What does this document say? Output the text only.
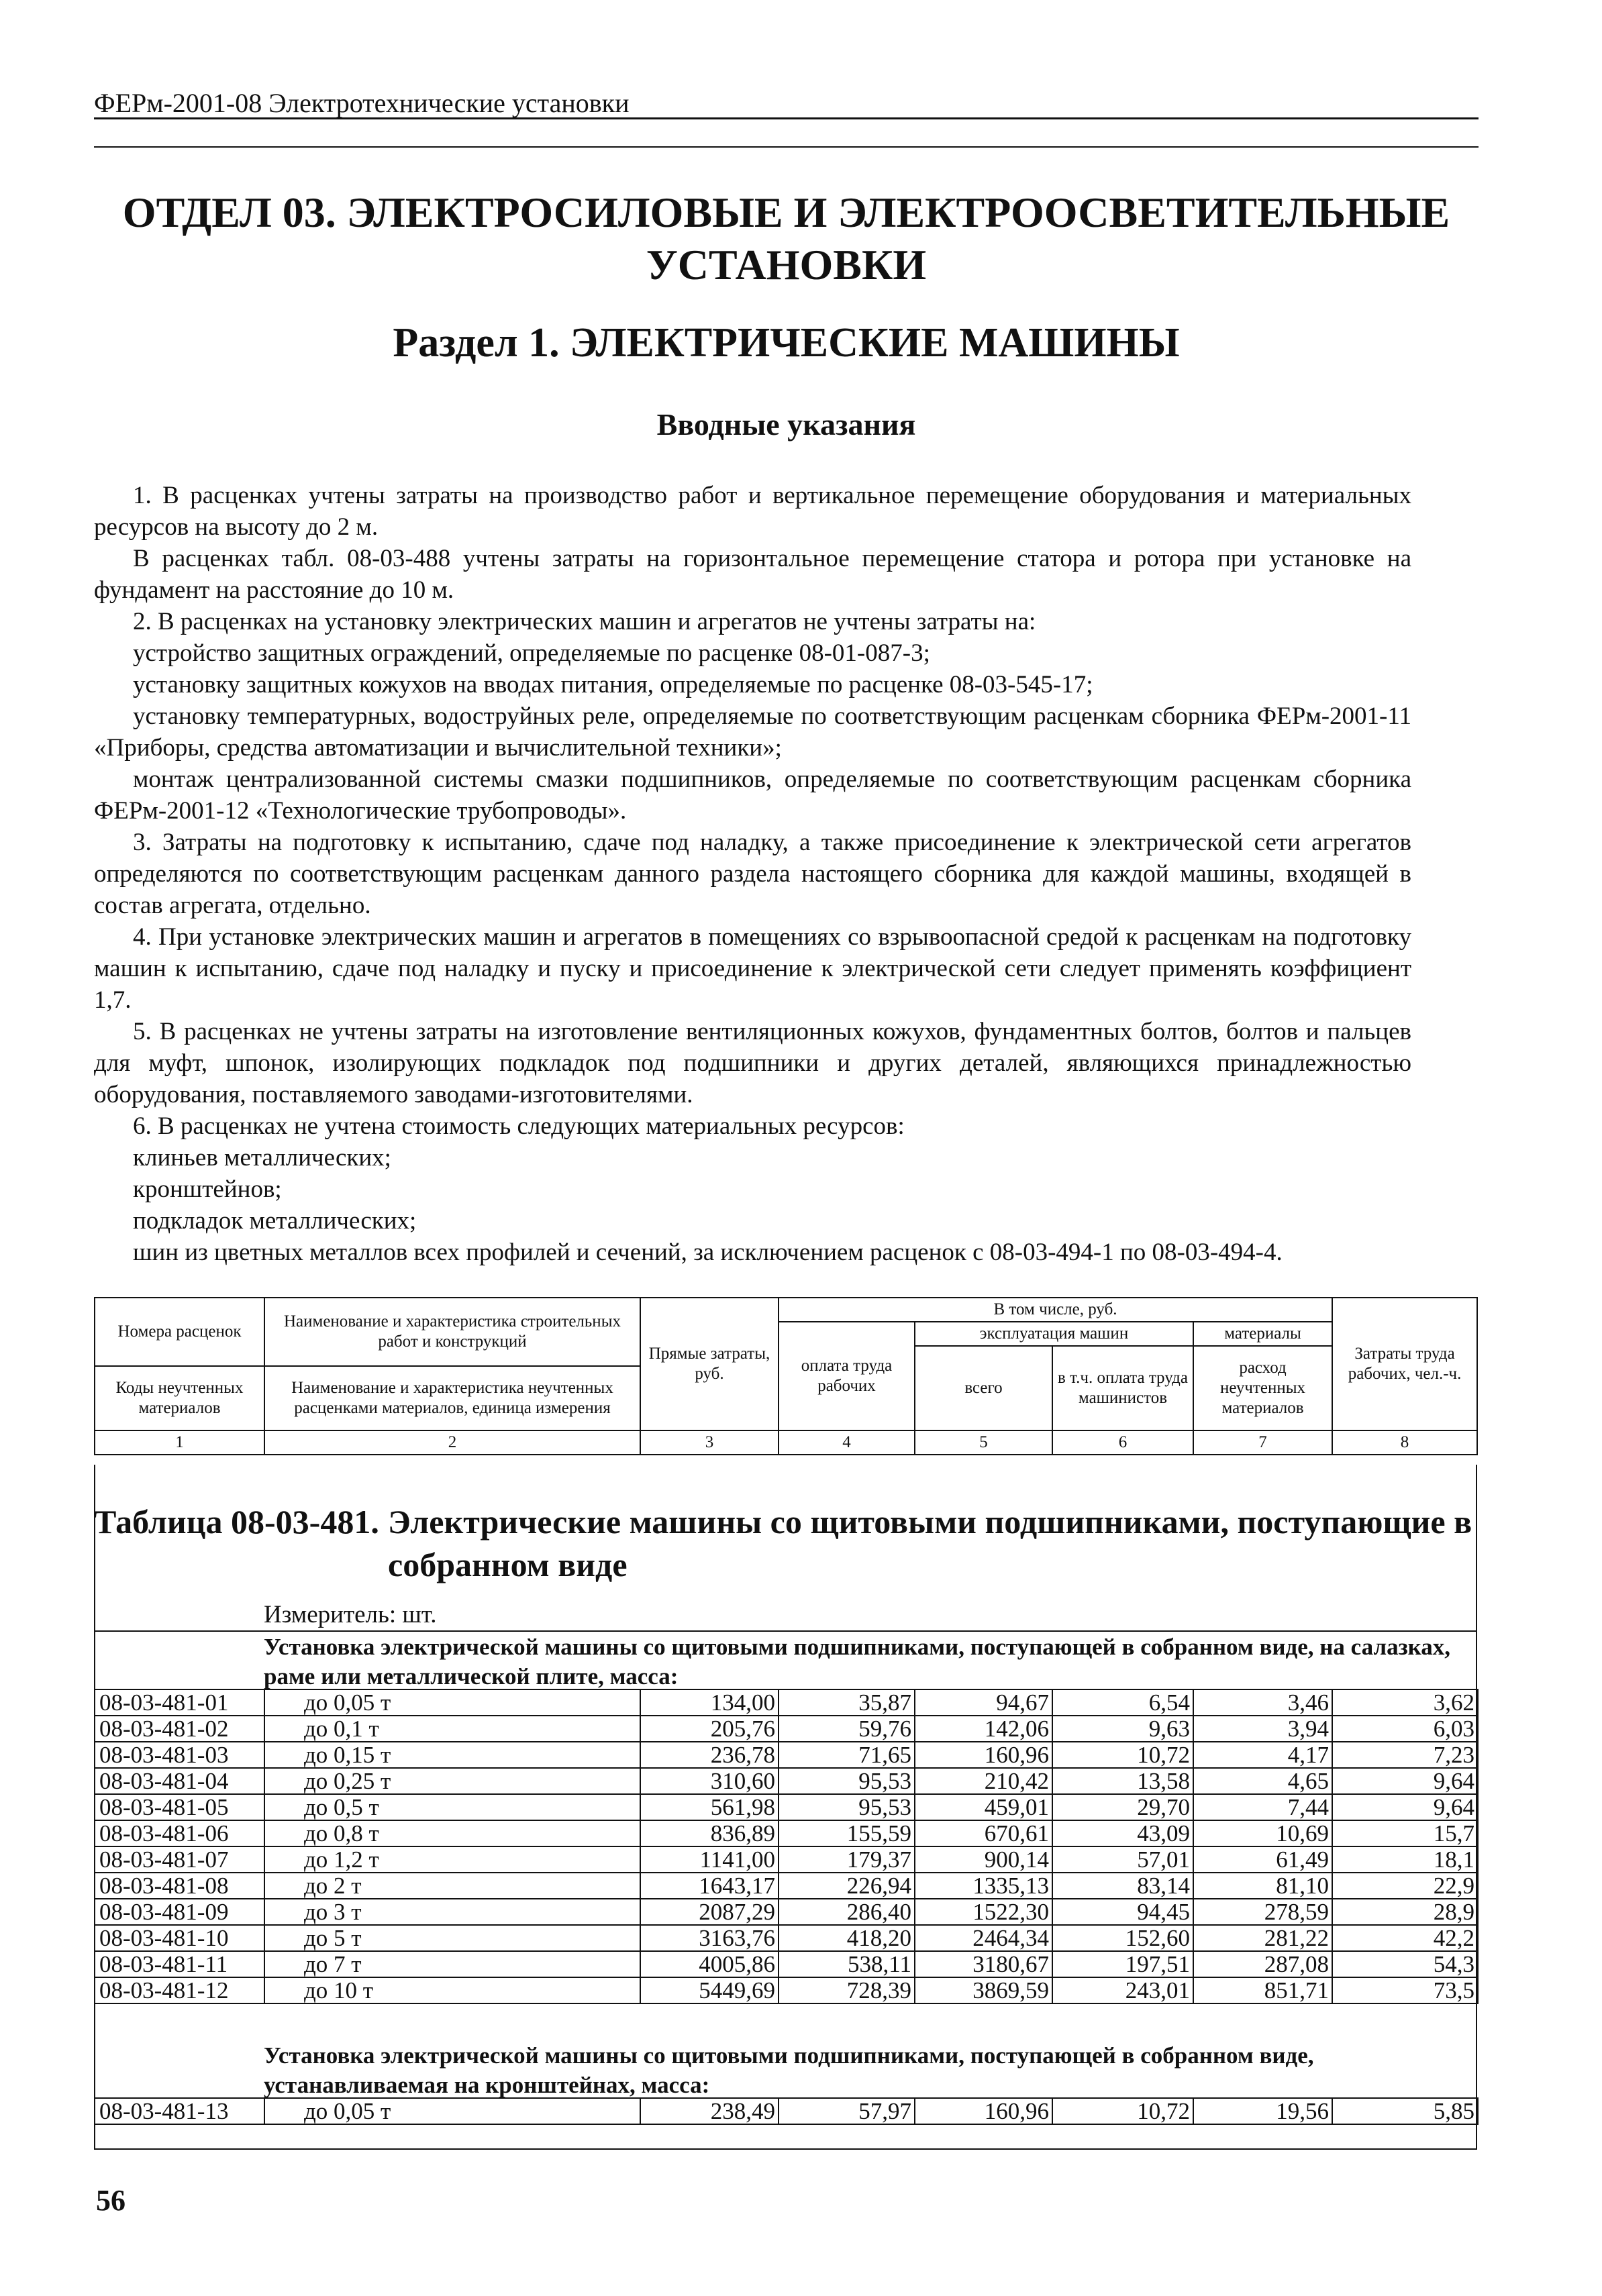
ФЕРм-2001-08 Электротехнические установки
ОТДЕЛ 03. ЭЛЕКТРОСИЛОВЫЕ И ЭЛЕКТРООСВЕТИТЕЛЬНЫЕ УСТАНОВКИ
Раздел 1. ЭЛЕКТРИЧЕСКИЕ МАШИНЫ
Вводные указания

1. В расценках учтены затраты на производство работ и вертикальное перемещение оборудования и материальных ресурсов на высоту до 2 м.

В расценках табл. 08-03-488 учтены затраты на горизонтальное перемещение статора и ротора при установке на фундамент на расстояние до 10 м.

2. В расценках на установку электрических машин и агрегатов не учтены затраты на:

устройство защитных ограждений, определяемые по расценке 08-01-087-3;

установку защитных кожухов на вводах питания, определяемые по расценке 08-03-545-17;

установку температурных, водоструйных реле, определяемые по соответствующим расценкам сборника ФЕРм-2001-11 «Приборы, средства автоматизации и вычислительной техники»;

монтаж централизованной системы смазки подшипников, определяемые по соответствующим расценкам сборника ФЕРм-2001-12 «Технологические трубопроводы».

3. Затраты на подготовку к испытанию, сдаче под наладку, а также присоединение к электрической сети агрегатов определяются по соответствующим расценкам данного раздела настоящего сборника для каждой машины, входящей в состав агрегата, отдельно.

4. При установке электрических машин и агрегатов в помещениях со взрывоопасной средой к расценкам на подготовку машин к испытанию, сдаче под наладку и пуску и присоединение к электрической сети следует применять коэффициент 1,7.

5. В расценках не учтены затраты на изготовление вентиляционных кожухов, фундаментных болтов, болтов и пальцев для муфт, шпонок, изолирующих подкладок под подшипники и других деталей, являющихся принадлежностью оборудования, поставляемого заводами-изготовителями.

6. В расценках не учтена стоимость следующих материальных ресурсов:

клиньев металлических;

кронштейнов;

подкладок металлических;

шин из цветных металлов всех профилей и сечений, за исключением расценок с 08-03-494-1 по 08-03-494-4.

Номера расценок	Наименование и характеристика строительных работ и конструкций	Прямые затраты, руб.	В том числе, руб.				Затраты труда рабочих, чел.-ч.
			оплата труда рабочих	эксплуатация машин		материалы	
				всего	в т.ч. оплата труда машинистов	расход неучтенных материалов	
Коды неучтенных материалов	Наименование и характеристика неучтенных расценками материалов, единица измерения						

1	2	3	4	5	6	7	8
Таблица 08-03-481. Электрические машины со щитовыми подшипниками, поступающие в собранном виде
Измеритель: шт.
Установка электрической машины со щитовыми подшипниками, поступающей в собранном виде, на салазках, раме или металлической плите, масса:
08-03-481-01	до 0,05 т	134,00	35,87	94,67	6,54	3,46	3,62
08-03-481-02	до 0,1 т	205,76	59,76	142,06	9,63	3,94	6,03
08-03-481-03	до 0,15 т	236,78	71,65	160,96	10,72	4,17	7,23
08-03-481-04	до 0,25 т	310,60	95,53	210,42	13,58	4,65	9,64
08-03-481-05	до 0,5 т	561,98	95,53	459,01	29,70	7,44	9,64
08-03-481-06	до 0,8 т	836,89	155,59	670,61	43,09	10,69	15,7
08-03-481-07	до 1,2 т	1141,00	179,37	900,14	57,01	61,49	18,1
08-03-481-08	до 2 т	1643,17	226,94	1335,13	83,14	81,10	22,9
08-03-481-09	до 3 т	2087,29	286,40	1522,30	94,45	278,59	28,9
08-03-481-10	до 5 т	3163,76	418,20	2464,34	152,60	281,22	42,2
08-03-481-11	до 7 т	4005,86	538,11	3180,67	197,51	287,08	54,3
08-03-481-12	до 10 т	5449,69	728,39	3869,59	243,01	851,71	73,5
Установка электрической машины со щитовыми подшипниками, поступающей в собранном виде, устанавливаемая на кронштейнах, масса:
08-03-481-13	до 0,05 т	238,49	57,97	160,96	10,72	19,56	5,85
56
